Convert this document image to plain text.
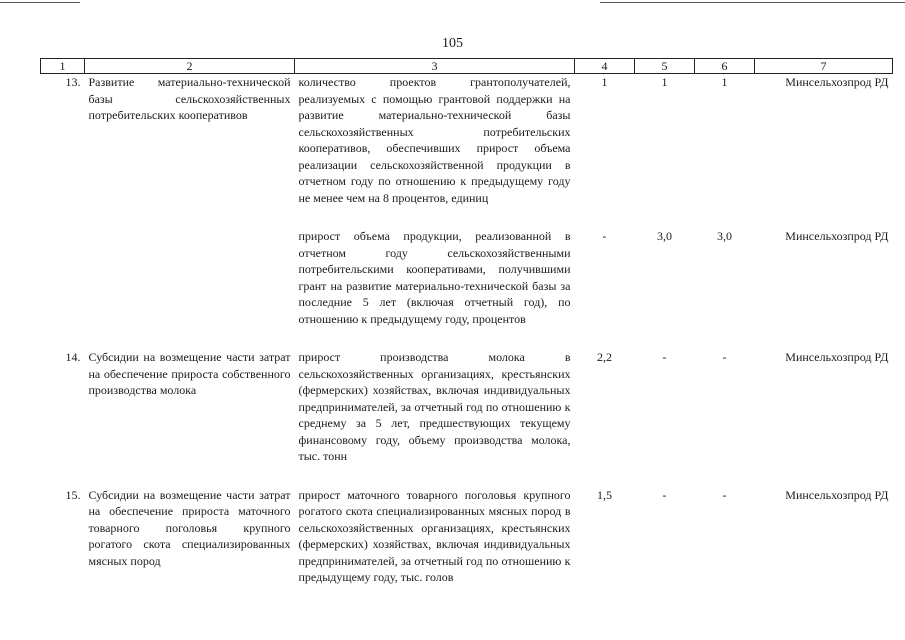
105
1	2	3	4	5	6	7
13.	Развитие материально-технической базы сельскохозяйственных потребительских кооперативов	количество проектов грантополучателей, реализуемых с помощью грантовой поддержки на развитие материально-технической базы сельскохозяйственных потребительских кооперативов, обеспечивших прирост объема реализации сельскохозяйственной продукции в отчетном году по отношению к предыдущему году не менее чем на 8 процентов, единиц	1	1	1	Минсельхозпрод РД

		прирост объема продукции, реализованной в отчетном году сельскохозяйственными потребительскими кооперативами, получившими грант на развитие материально-технической базы за последние 5 лет (включая отчетный год), по отношению к предыдущему году, процентов	-	3,0	3,0	Минсельхозпрод РД

14.	Субсидии на возмещение части затрат на обеспечение прироста собственного производства молока	прирост производства молока в сельскохозяйственных организациях, крестьянских (фермерских) хозяйствах, включая индивидуальных предпринимателей, за отчетный год по отношению к среднему за 5 лет, предшествующих текущему финансовому году, объему производства молока, тыс. тонн	2,2	-	-	Минсельхозпрод РД

15.	Субсидии на возмещение части затрат на обеспечение прироста маточного товарного поголовья крупного рогатого скота специализированных мясных пород	прирост маточного товарного поголовья крупного рогатого скота специализированных мясных пород в сельскохозяйственных организациях, крестьянских (фермерских) хозяйствах, включая индивидуальных предпринимателей, за отчетный год по отношению к предыдущему году, тыс. голов	1,5	-	-	Минсельхозпрод РД
